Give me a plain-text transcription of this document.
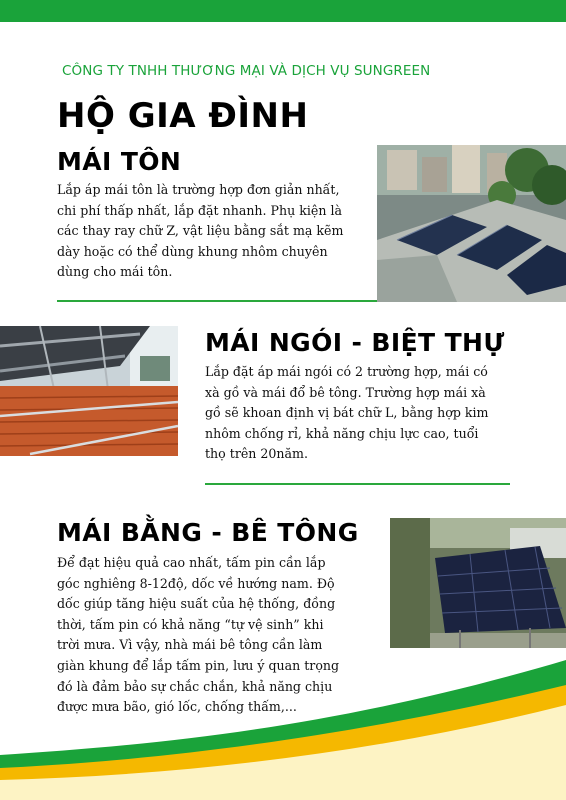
CÔNG TY TNHH THƯƠNG MẠI VÀ DỊCH VỤ SUNGREEN
HỘ GIA ĐÌNH
MÁI TÔN
Lắp áp mái tôn là trường hợp đơn giản nhất,
chi phí thấp nhất, lắp đặt nhanh. Phụ kiện là
các thay ray chữ Z, vật liệu bằng sắt mạ kẽm
dày hoặc có thể dùng khung nhôm chuyên
dùng cho mái tôn.
MÁI NGÓI - BIỆT THỰ
Lắp đặt áp mái ngói có 2 trường hợp, mái có
xà gồ và mái đổ bê tông. Trường hợp mái xà
gồ sẽ khoan định vị bát chữ L, bằng hợp kim
nhôm chống rỉ, khả năng chịu lực cao, tuổi
thọ trên 20năm.
MÁI BẰNG - BÊ TÔNG
Để đạt hiệu quả cao nhất, tấm pin cần lắp
góc nghiêng 8-12độ, dốc về hướng nam. Độ
dốc giúp tăng hiệu suất của hệ thống, đồng
thời, tấm pin có khả năng “tự vệ sinh” khi
trời mưa. Vì vậy, nhà mái bê tông cần làm
giàn khung để lắp tấm pin, lưu ý quan trọng
đó là đảm bảo sự chắc chắn, khả năng chịu
được mưa bão, gió lốc, chống thấm,...
